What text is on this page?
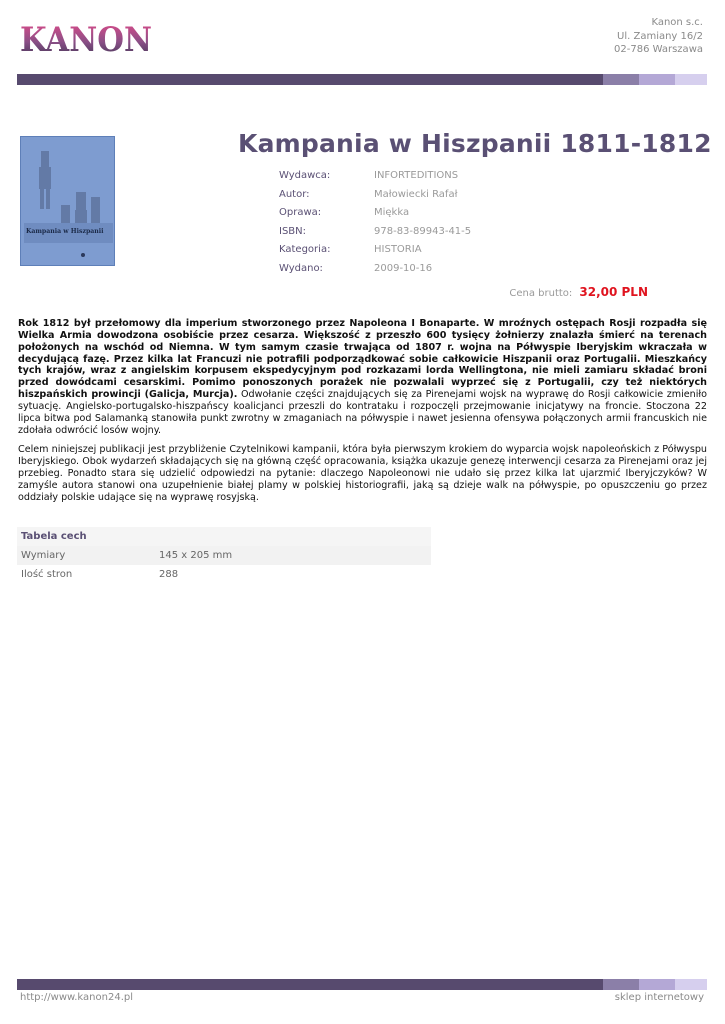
KANON	Kanon s.c.
Ul. Zamiany 16/2
02-786 Warszawa
Kampania w Hiszpanii
Kampania w Hiszpanii 1811-1812
Wydawca:	INFORTEDITIONS
Autor:	Małowiecki Rafał
Oprawa:	Miękka
ISBN:	978-83-89943-41-5
Kategoria:	HISTORIA
Wydano:	2009-10-16
Cena brutto: 32,00 PLN

Rok 1812 był przełomowy dla imperium stworzonego przez Napoleona I Bonaparte. W mroźnych ostępach Rosji rozpadła się Wielka Armia dowodzona osobiście przez cesarza. Większość z przeszło 600 tysięcy żołnierzy znalazła śmierć na terenach położonych na wschód od Niemna. W tym samym czasie trwająca od 1807 r. wojna na Półwyspie Iberyjskim wkraczała w decydującą fazę. Przez kilka lat Francuzi nie potrafili podporządkować sobie całkowicie Hiszpanii oraz Portugalii. Mieszkańcy tych krajów, wraz z angielskim korpusem ekspedycyjnym pod rozkazami lorda Wellingtona, nie mieli zamiaru składać broni przed dowódcami cesarskimi. Pomimo ponoszonych porażek nie pozwalali wyprzeć się z Portugalii, czy też niektórych hiszpańskich prowincji (Galicja, Murcja). Odwołanie części znajdujących się za Pirenejami wojsk na wyprawę do Rosji całkowicie zmieniło sytuację. Angielsko-portugalsko-hiszpańscy koalicjanci przeszli do kontrataku i rozpoczęli przejmowanie inicjatywy na froncie. Stoczona 22 lipca bitwa pod Salamanką stanowiła punkt zwrotny w zmaganiach na półwyspie i nawet jesienna ofensywa połączonych armii francuskich nie zdołała odwrócić losów wojny.

Celem niniejszej publikacji jest przybliżenie Czytelnikowi kampanii, która była pierwszym krokiem do wyparcia wojsk napoleońskich z Półwyspu Iberyjskiego. Obok wydarzeń składających się na główną część opracowania, książka ukazuje genezę interwencji cesarza za Pirenejami oraz jej przebieg. Ponadto stara się udzielić odpowiedzi na pytanie: dlaczego Napoleonowi nie udało się przez kilka lat ujarzmić Iberyjczyków? W zamyśle autora stanowi ona uzupełnienie białej plamy w polskiej historiografii, jaką są dzieje walk na półwyspie, po opuszczeniu go przez oddziały polskie udające się na wyprawę rosyjską.

Tabela cech	
Wymiary	145 x 205 mm
Ilość stron	288
http://www.kanon24.pl	sklep internetowy
